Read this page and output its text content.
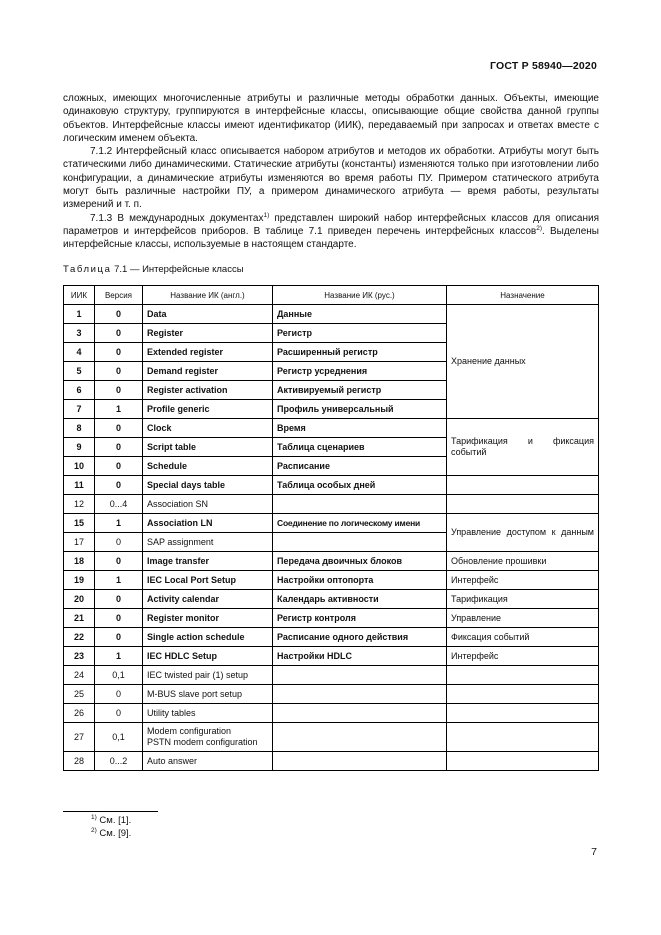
ГОСТ Р 58940—2020

сложных, имеющих многочисленные атрибуты и различные методы обработки данных. Объекты, имеющие одинаковую структуру, группируются в интерфейсные классы, описывающие общие свойства данной группы объектов. Интерфейсные классы имеют идентификатор (ИИК), передаваемый при запросах и ответах вместе с логическим именем объекта.

7.1.2 Интерфейсный класс описывается набором атрибутов и методов их обработки. Атрибуты могут быть статическими либо динамическими. Статические атрибуты (константы) изменяются только при изготовлении либо конфигурации, а динамические атрибуты изменяются во время работы ПУ. Примером статического атрибута могут быть различные настройки ПУ, а примером динамического атрибута — время работы, результаты измерений и т. п.

7.1.3 В международных документах$^{1)}$ представлен широкий набор интерфейсных классов для описания параметров и интерфейсов приборов. В таблице 7.1 приведен перечень интерфейсных классов$^{2)}$. Выделены интерфейсные классы, используемые в настоящем стандарте.

Таблица 7.1 — Интерфейсные классы
ИИК	Версия	Название ИК (англ.)	Название ИК (рус.)	Назначение
1	0	Data	Данные	Хранение данных
3	0	Register	Регистр	
4	0	Extended register	Расширенный регистр	
5	0	Demand register	Регистр усреднения	
6	0	Register activation	Активируемый регистр	
7	1	Profile generic	Профиль универсальный	
8	0	Clock	Время	Тарификация и фиксация событий
9	0	Script table	Таблица сценариев	
10	0	Schedule	Расписание	
11	0	Special days table	Таблица особых дней	
12	0...4	Association SN		
15	1	Association LN	Соединение по логическому имени	Управление доступом к данным
17	0	SAP assignment		
18	0	Image transfer	Передача двоичных блоков	Обновление прошивки
19	1	IEC Local Port Setup	Настройки оптопорта	Интерфейс
20	0	Activity calendar	Календарь активности	Тарификация
21	0	Register monitor	Регистр контроля	Управление
22	0	Single action schedule	Расписание одного действия	Фиксация событий
23	1	IEC HDLC Setup	Настройки HDLC	Интерфейс
24	0,1	IEC twisted pair (1) setup		
25	0	M-BUS slave port setup		
26	0	Utility tables		
27	0,1	Modem configuration
PSTN modem configuration		

28	0...2	Auto answer		
$^{1)}$ См. [1].
$^{2)}$ См. [9].
7
